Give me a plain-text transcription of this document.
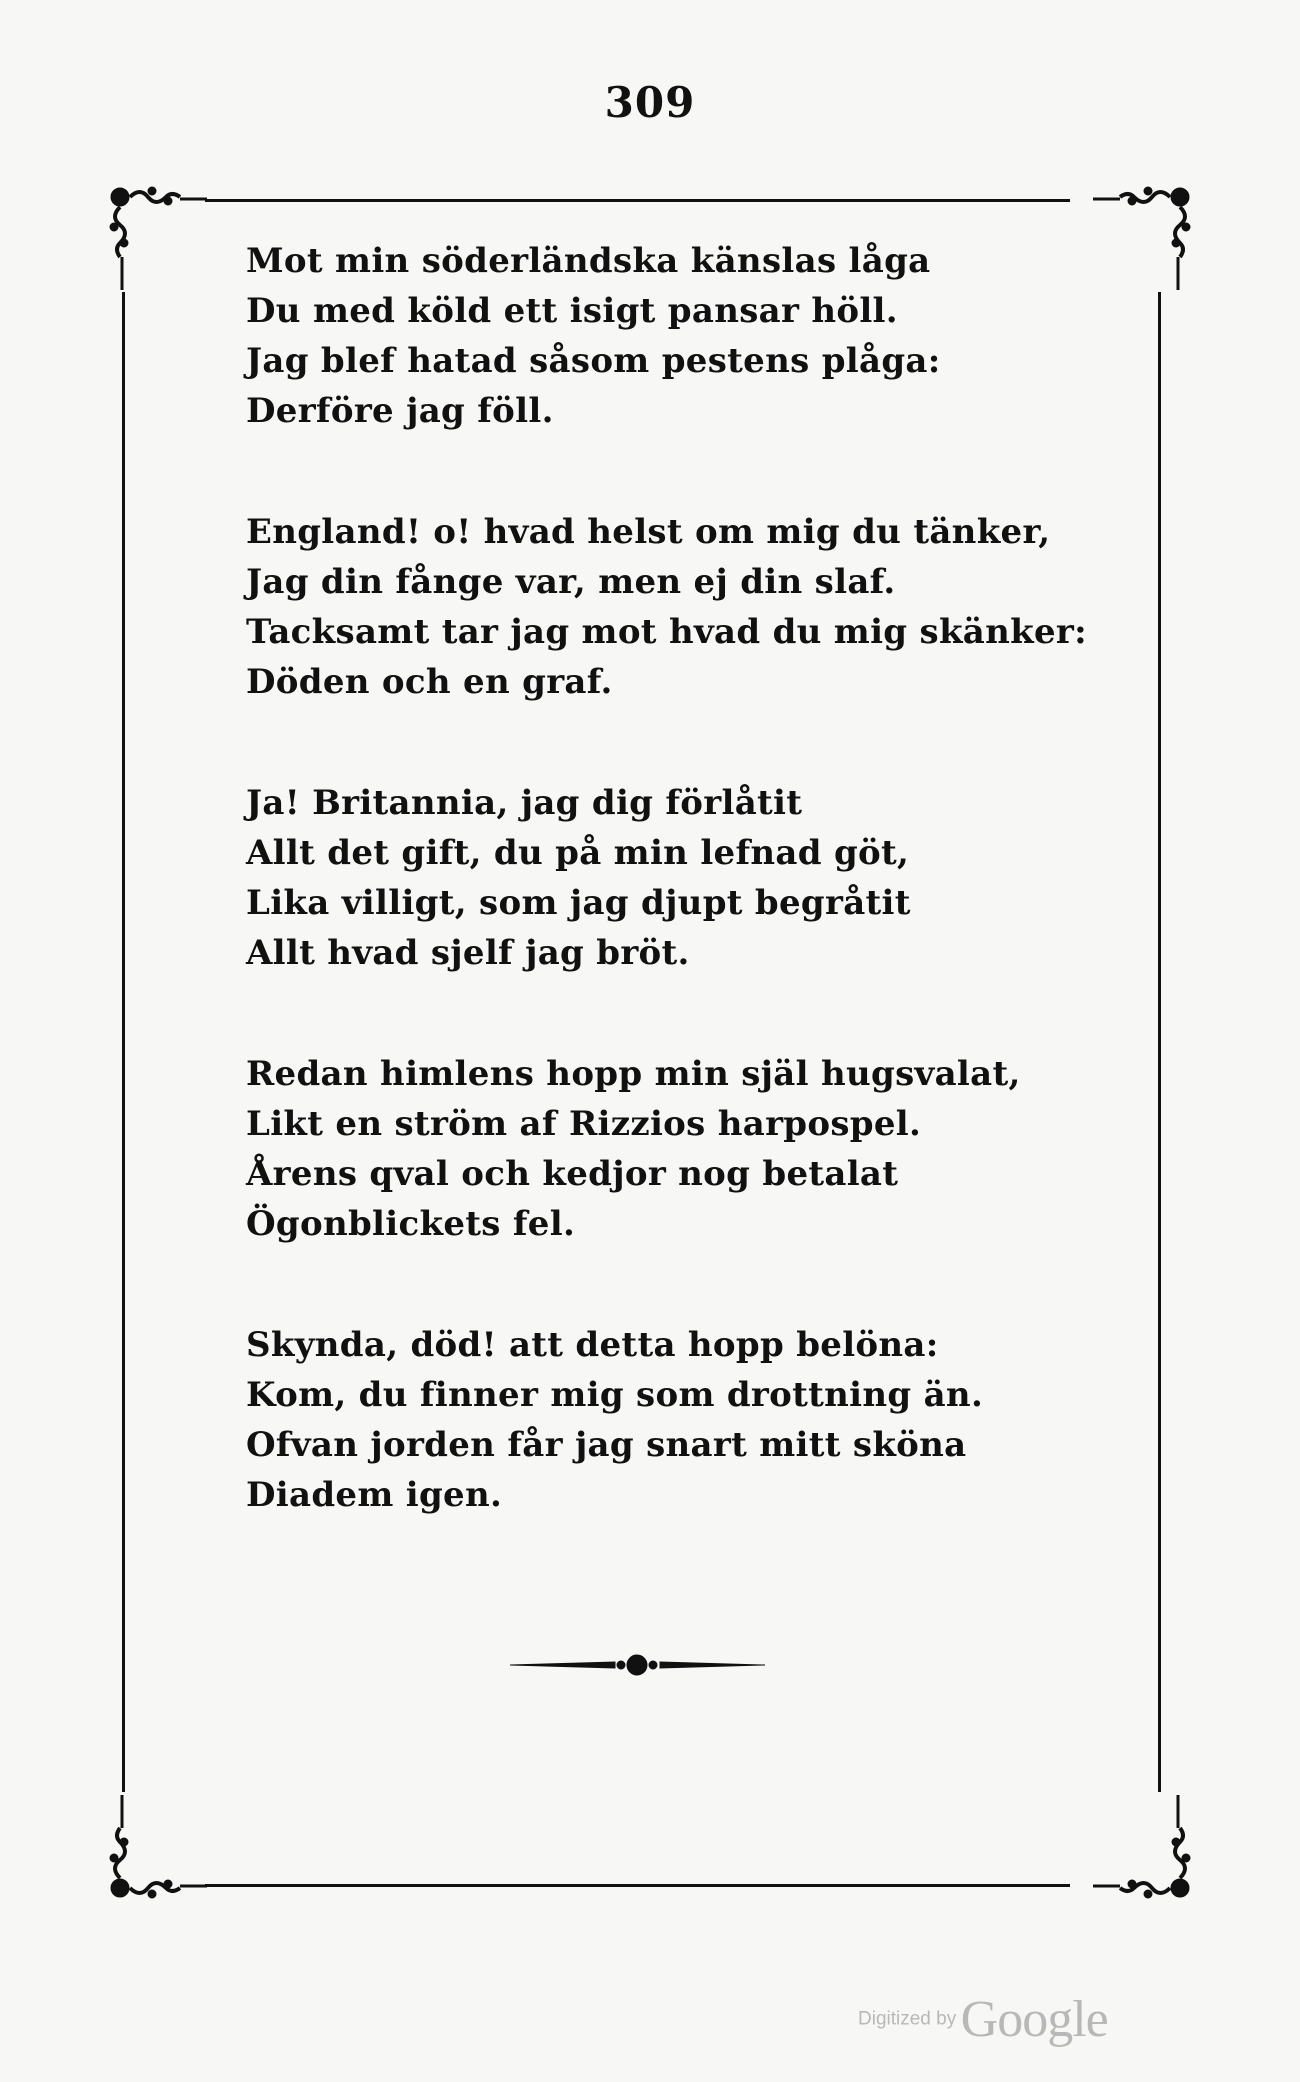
309
Mot min söderländska känslas låga
Du med köld ett isigt pansar höll.
Jag blef hatad såsom pestens plåga:
Derföre jag föll.
England! o! hvad helst om mig du tänker,
Jag din fånge var, men ej din slaf.
Tacksamt tar jag mot hvad du mig skänker:
Döden och en graf.
Ja! Britannia, jag dig förlåtit
Allt det gift, du på min lefnad göt,
Lika villigt, som jag djupt begråtit
Allt hvad sjelf jag bröt.
Redan himlens hopp min själ hugsvalat,
Likt en ström af Rizzios harpospel.
Årens qval och kedjor nog betalat
Ögonblickets fel.
Skynda, död! att detta hopp belöna:
Kom, du finner mig som drottning än.
Ofvan jorden får jag snart mitt sköna
Diadem igen.
Digitized by Google
